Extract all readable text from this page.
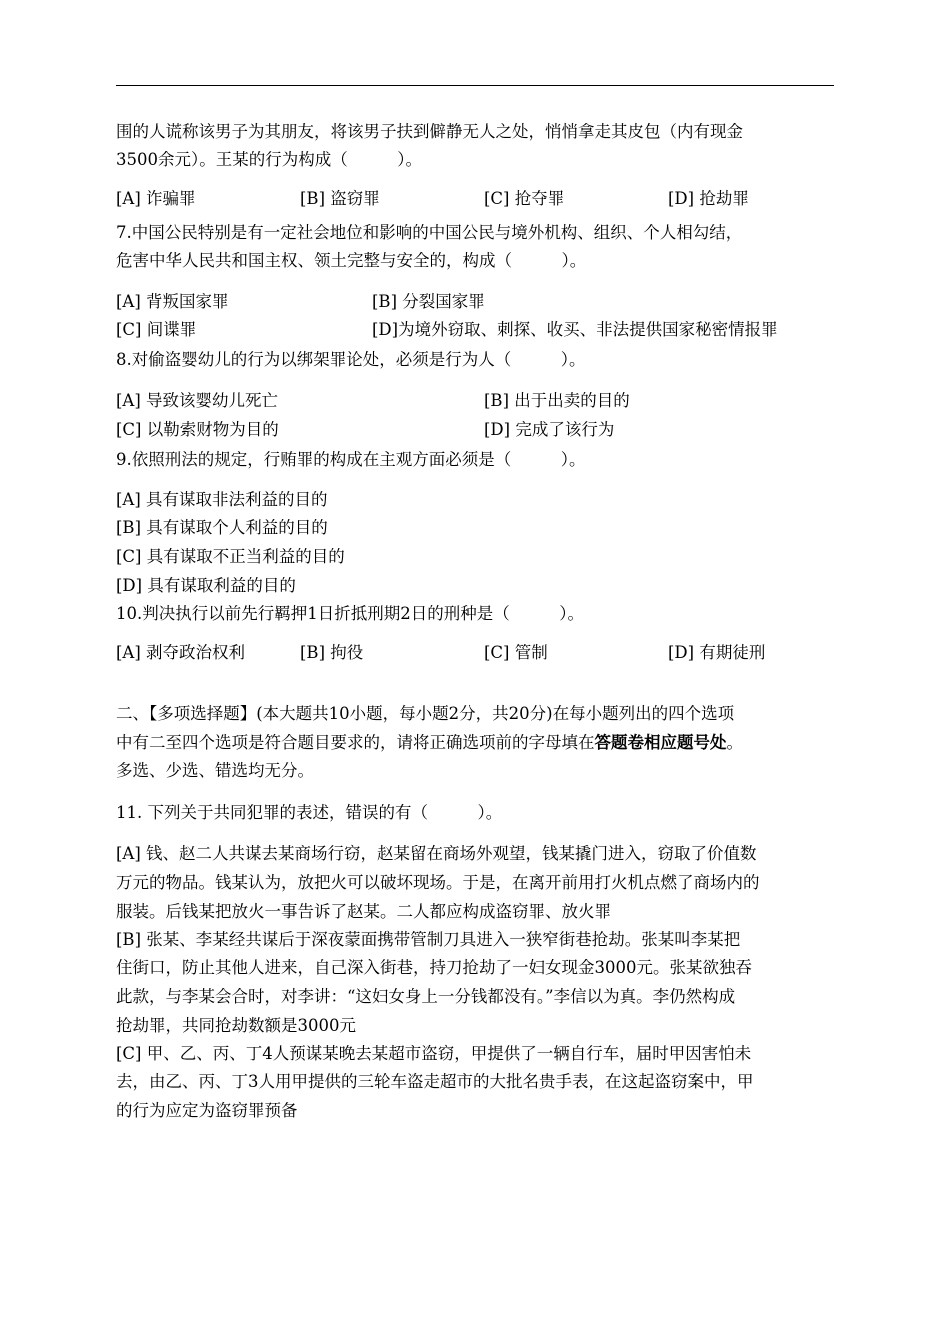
围的人谎称该男子为其朋友，将该男子扶到僻静无人之处，悄悄拿走其皮包（内有现金
3500余元）。王某的行为构成（　　　）。
[A] 诈骗罪	[B] 盗窃罪	[C] 抢夺罪	[D] 抢劫罪
7.中国公民特别是有一定社会地位和影响的中国公民与境外机构、组织、个人相勾结，
危害中华人民共和国主权、领土完整与安全的，构成（　　　）。
[A] 背叛国家罪	[B] 分裂国家罪
[C] 间谍罪	[D]为境外窃取、刺探、收买、非法提供国家秘密情报罪
8.对偷盗婴幼儿的行为以绑架罪论处，必须是行为人（　　　）。
[A] 导致该婴幼儿死亡	[B] 出于出卖的目的
[C] 以勒索财物为目的	[D] 完成了该行为
9.依照刑法的规定，行贿罪的构成在主观方面必须是（　　　）。
[A] 具有谋取非法利益的目的
[B] 具有谋取个人利益的目的
[C] 具有谋取不正当利益的目的
[D] 具有谋取利益的目的
10.判决执行以前先行羁押1日折抵刑期2日的刑种是（　　　）。
[A] 剥夺政治权利	[B] 拘役	[C] 管制	[D] 有期徒刑
二、【多项选择题】(本大题共10小题，每小题2分，共20分)在每小题列出的四个选项
中有二至四个选项是符合题目要求的，请将正确选项前的字母填在答题卷相应题号处。
多选、少选、错选均无分。
11. 下列关于共同犯罪的表述，错误的有（　　　）。
[A] 钱、赵二人共谋去某商场行窃，赵某留在商场外观望，钱某撬门进入，窃取了价值数
万元的物品。钱某认为，放把火可以破坏现场。于是，在离开前用打火机点燃了商场内的
服装。后钱某把放火一事告诉了赵某。二人都应构成盗窃罪、放火罪
[B] 张某、李某经共谋后于深夜蒙面携带管制刀具进入一狭窄街巷抢劫。张某叫李某把
住街口，防止其他人进来，自己深入街巷，持刀抢劫了一妇女现金3000元。张某欲独吞
此款，与李某会合时，对李讲：“这妇女身上一分钱都没有。”李信以为真。李仍然构成
抢劫罪，共同抢劫数额是3000元
[C] 甲、乙、丙、丁4人预谋某晚去某超市盗窃，甲提供了一辆自行车，届时甲因害怕未
去，由乙、丙、丁3人用甲提供的三轮车盗走超市的大批名贵手表，在这起盗窃案中，甲
的行为应定为盗窃罪预备
